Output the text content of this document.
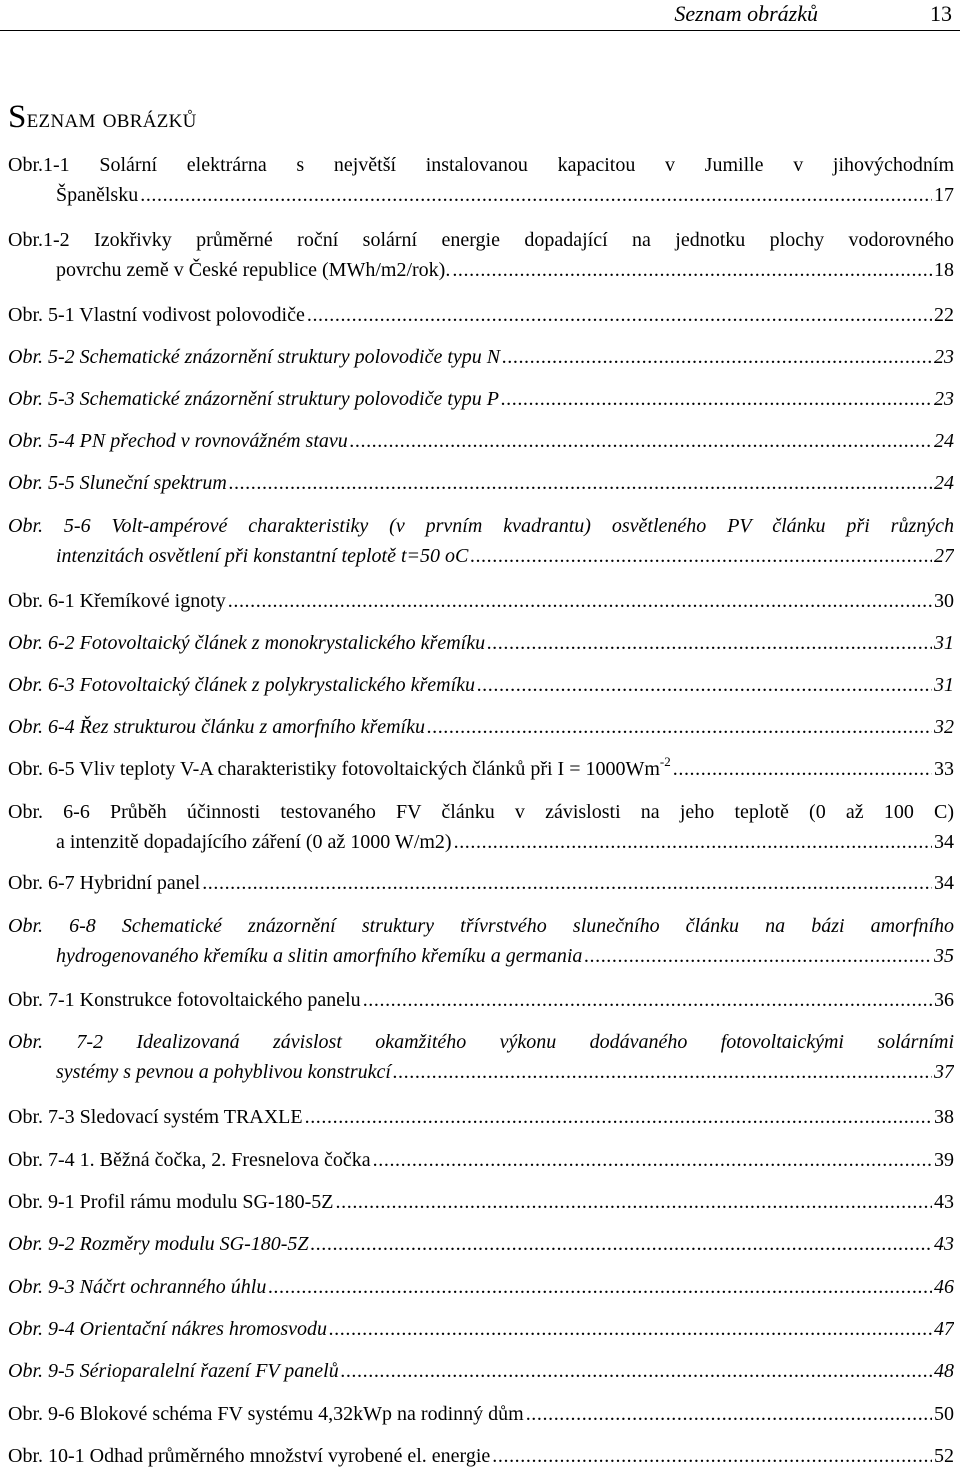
Seznam obrázků	13
Seznam obrázků
Obr.1-1 Solární elektrárna s největší instalovanou kapacitou v Jumille v jihovýchodním
Španělsku .....	17
Obr.1-2 Izokřivky průměrné roční solární energie dopadající na jednotku plochy vodorovného
povrchu země v České republice (MWh/m2/rok). .....	18
Obr. 5-1 Vlastní vodivost polovodiče .....	22
Obr. 5-2 Schematické znázornění struktury polovodiče typu N .....	23
Obr. 5-3 Schematické znázornění struktury polovodiče typu P .....	23
Obr. 5-4 PN přechod v rovnovážném stavu .....	24
Obr. 5-5 Sluneční spektrum .....	24
Obr. 5-6 Volt-ampérové charakteristiky (v prvním kvadrantu) osvětleného PV článku při různých
intenzitách osvětlení při konstantní teplotě t=50 oC .....	27
Obr. 6-1 Křemíkové ignoty .....	30
Obr. 6-2 Fotovoltaický článek z monokrystalického křemíku .....	31
Obr. 6-3 Fotovoltaický článek z polykrystalického křemíku .....	31
Obr. 6-4 Řez strukturou článku z amorfního křemíku .....	32
Obr. 6-5 Vliv teploty V-A charakteristiky fotovoltaických článků při $I = 1000Wm^{-2}$ .....	33
Obr. 6-6 Průběh účinnosti testovaného FV článku v závislosti na jeho teplotě (0 až 100 C)
a intenzitě dopadajícího záření (0 až 1000 W/m2) .....	34
Obr. 6-7 Hybridní panel .....	34
Obr. 6-8 Schematické znázornění struktury třívrstvého slunečního článku na bázi amorfního
hydrogenovaného křemíku a slitin amorfního křemíku a germania .....	35
Obr. 7-1 Konstrukce fotovoltaického panelu .....	36
Obr. 7-2 Idealizovaná závislost okamžitého výkonu dodávaného fotovoltaickými solárními
systémy s pevnou a pohyblivou konstrukcí .....	37
Obr. 7-3 Sledovací systém TRAXLE .....	38
Obr. 7-4 1. Běžná čočka, 2. Fresnelova čočka .....	39
Obr. 9-1 Profil rámu modulu SG-180-5Z .....	43
Obr. 9-2 Rozměry modulu SG-180-5Z .....	43
Obr. 9-3 Náčrt ochranného úhlu .....	46
Obr. 9-4 Orientační nákres hromosvodu .....	47
Obr. 9-5 Sérioparalelní řazení FV panelů .....	48
Obr. 9-6 Blokové schéma FV systému 4,32kWp na rodinný dům .....	50
Obr. 10-1 Odhad průměrného množství vyrobené el. energie .....	52
